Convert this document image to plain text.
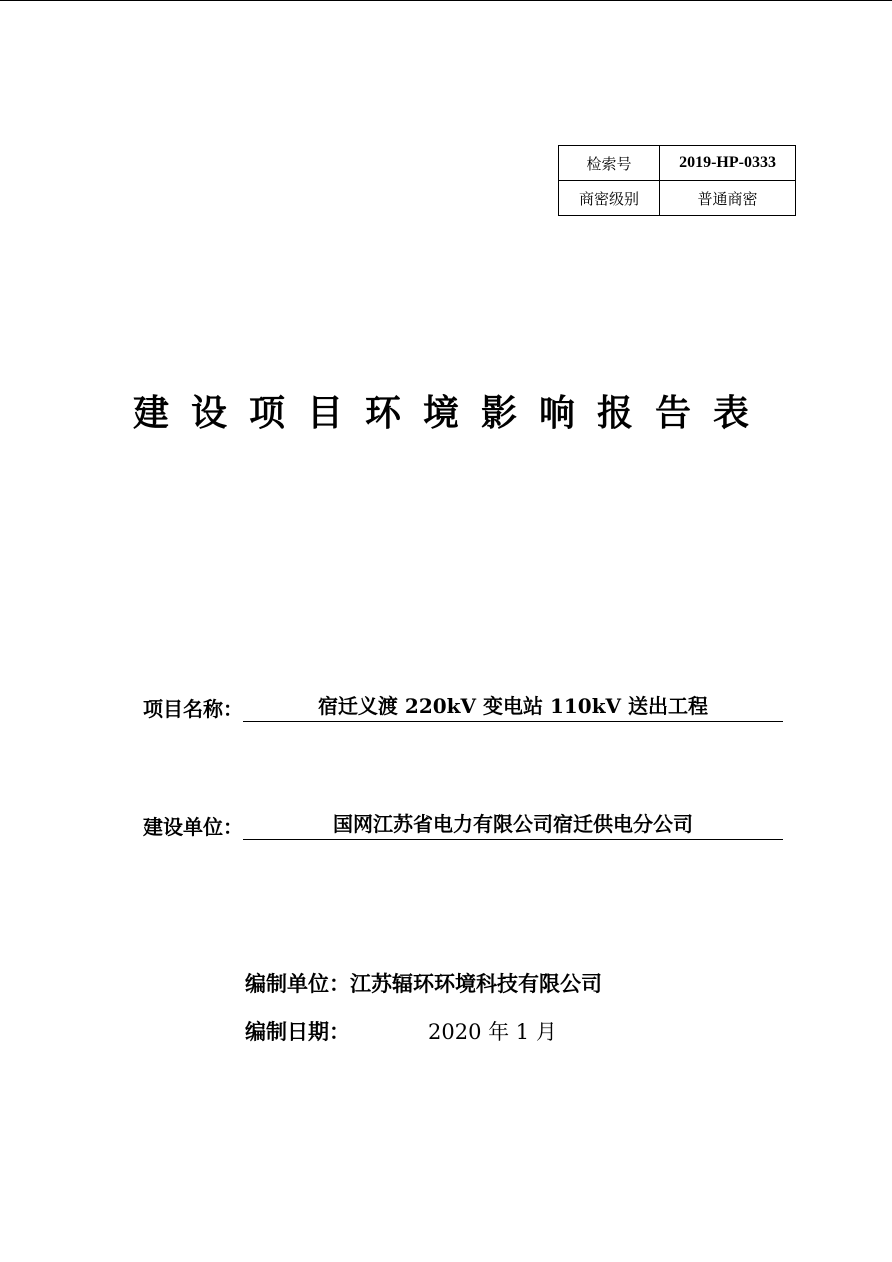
检索号	2019-HP-0333
商密级别	普通商密
建设项目环境影响报告表
项目名称：	宿迁义渡 220kV 变电站 110kV 送出工程
建设单位：	国网江苏省电力有限公司宿迁供电分公司
编制单位：江苏辐环环境科技有限公司
编制日期：	2020 年 1 月
